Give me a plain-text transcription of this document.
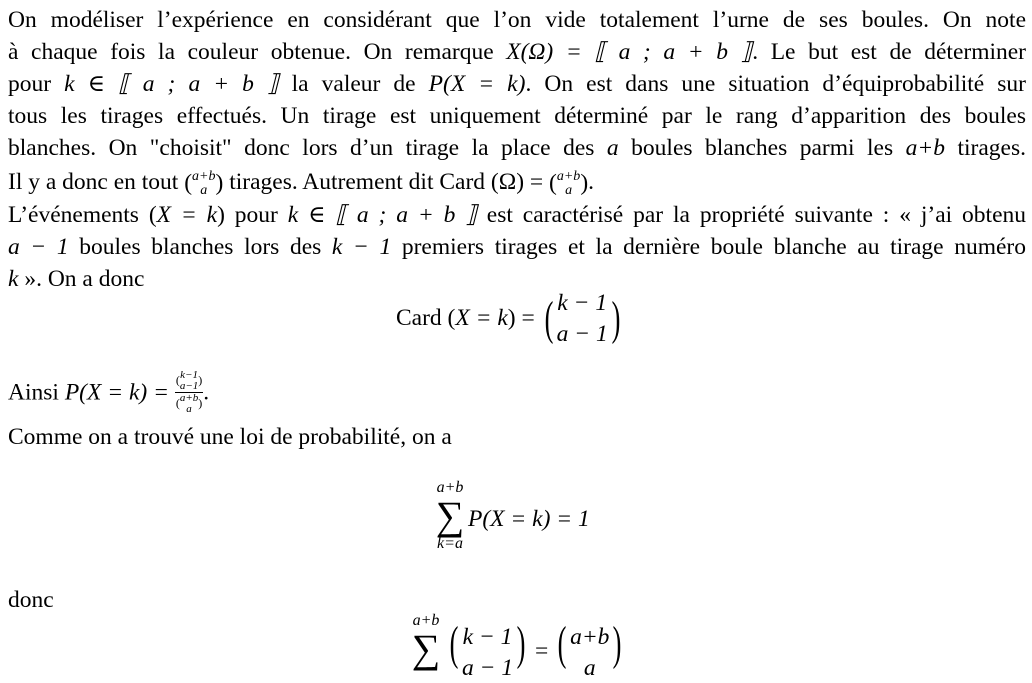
On modéliser l’expérience en considérant que l’on vide totalement l’urne de ses boules. On note
à chaque fois la couleur obtenue. On remarque X(Ω) = ⟦ a ; a + b ⟧. Le but est de déterminer
pour k ∈ ⟦ a ; a + b ⟧ la valeur de P(X = k). On est dans une situation d’équiprobabilité sur
tous les tirages effectués. Un tirage est uniquement déterminé par le rang d’apparition des boules
blanches. On "choisit" donc lors d’un tirage la place des a boules blanches parmi les a+b tirages.
Il y a donc en tout ( a+b
a ) tirages. Autrement dit Card (Ω) = ( a+b
a ).
L’événements (X = k) pour k ∈ ⟦ a ; a + b ⟧ est caractérisé par la propriété suivante : « j’ai obtenu
a − 1 boules blanches lors des k − 1 premiers tirages et la dernière boule blanche au tirage numéro
k ». On a donc
Card (X = k) = ( k − 1
a − 1 )
Ainsi P(X = k) = ( k−1
a−1 )
( a+b
a ) .
Comme on a trouvé une loi de probabilité, on a
a+b
∑
k=a
P(X = k) = 1
donc
a+b
∑ ( k − 1
a − 1 ) = ( a+b
a )
